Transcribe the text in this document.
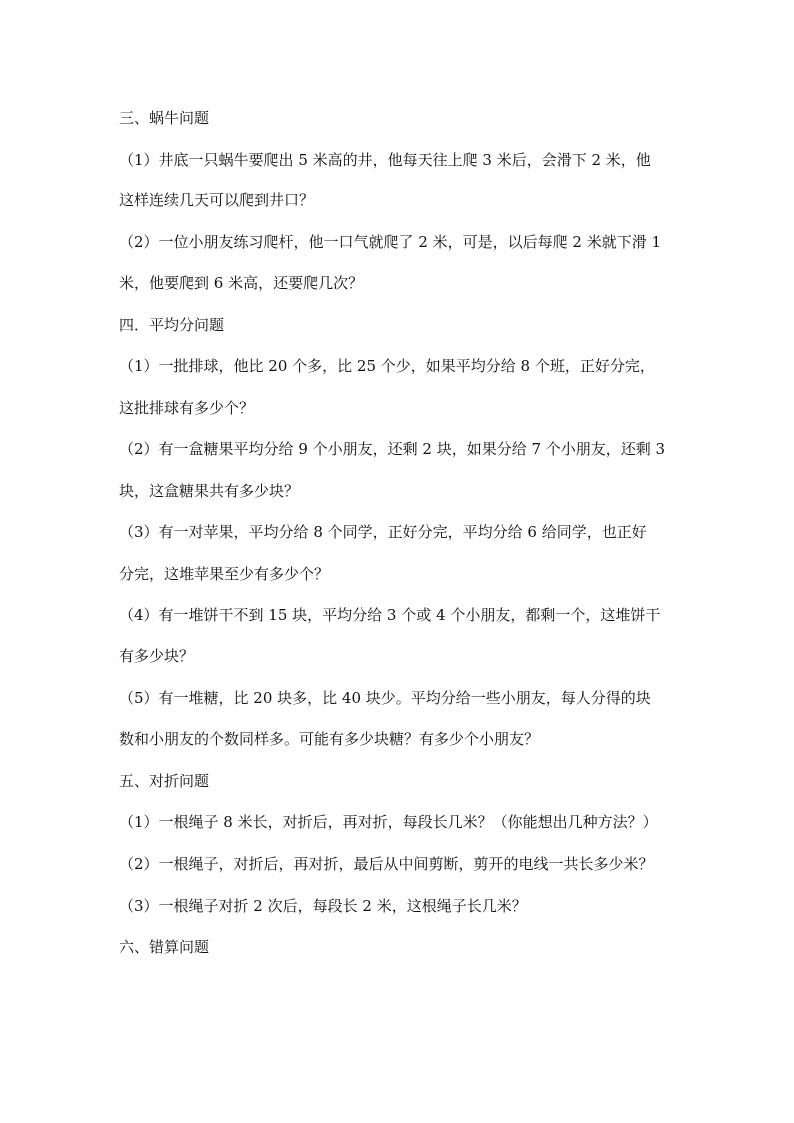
三、蜗牛问题
（1）井底一只蜗牛要爬出 5 米高的井，他每天往上爬 3 米后，会滑下 2 米，他
这样连续几天可以爬到井口？
（2）一位小朋友练习爬杆，他一口气就爬了 2 米，可是，以后每爬 2 米就下滑 1
米，他要爬到 6 米高，还要爬几次？
四．平均分问题
（1）一批排球，他比 20 个多，比 25 个少，如果平均分给 8 个班，正好分完，
这批排球有多少个？
（2）有一盒糖果平均分给 9 个小朋友，还剩 2 块，如果分给 7 个小朋友，还剩 3
块，这盒糖果共有多少块？
（3）有一对苹果，平均分给 8 个同学，正好分完，平均分给 6 给同学，也正好
分完，这堆苹果至少有多少个？
（4）有一堆饼干不到 15 块，平均分给 3 个或 4 个小朋友，都剩一个，这堆饼干
有多少块？
（5）有一堆糖，比 20 块多，比 40 块少。平均分给一些小朋友，每人分得的块
数和小朋友的个数同样多。可能有多少块糖？有多少个小朋友？
五、对折问题
（1）一根绳子 8 米长，对折后，再对折，每段长几米？（你能想出几种方法？）
（2）一根绳子，对折后，再对折，最后从中间剪断，剪开的电线一共长多少米？
（3）一根绳子对折 2 次后，每段长 2 米，这根绳子长几米？
六、错算问题
